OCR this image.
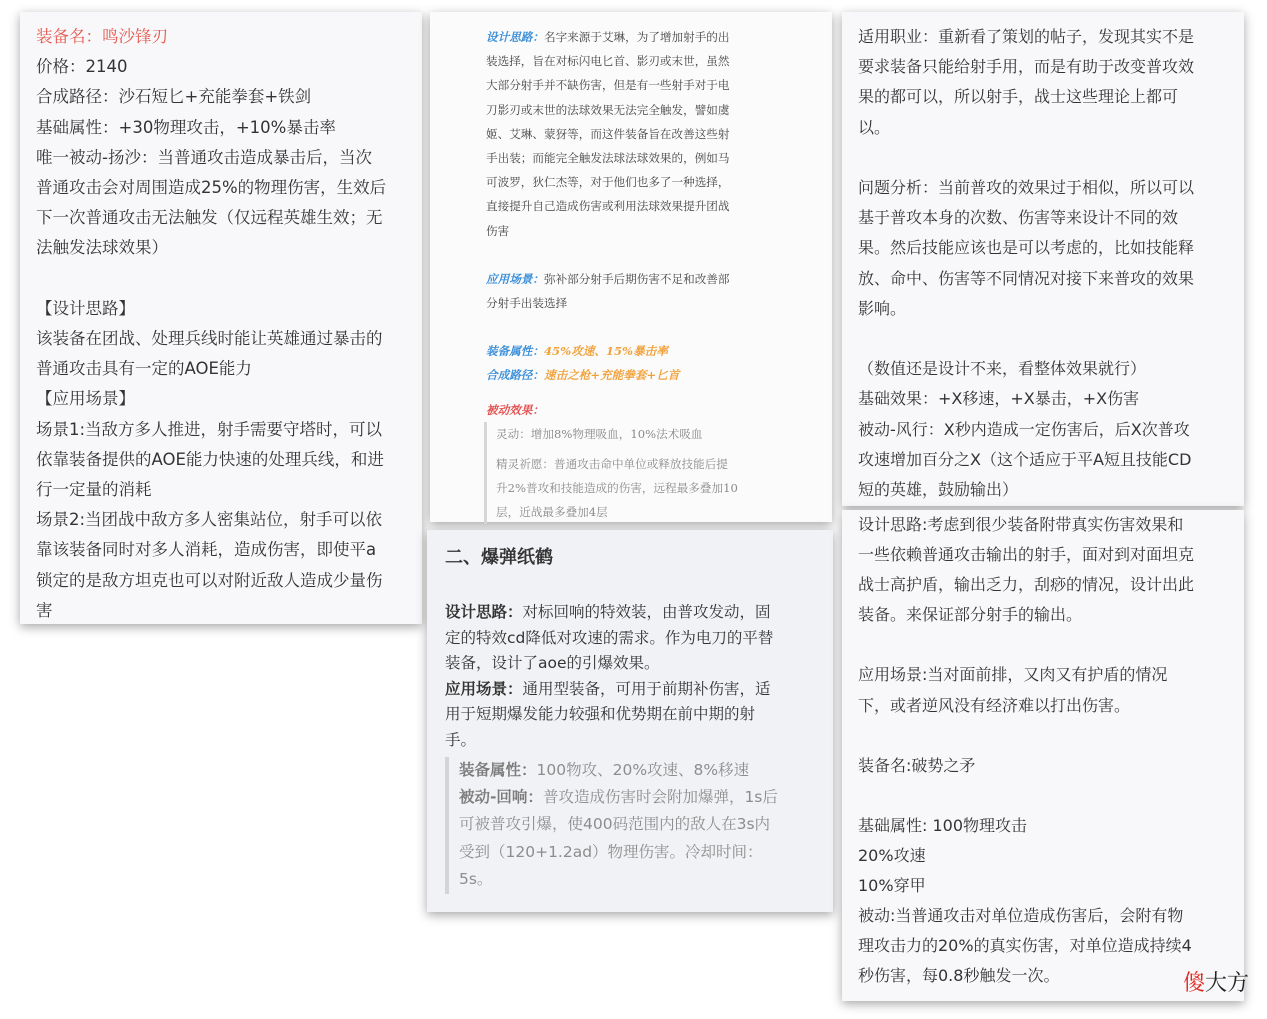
装备名：鸣沙锋刃
价格：2140
合成路径：沙石短匕+充能拳套+铁剑
基础属性：+30物理攻击，+10%暴击率
唯一被动-扬沙：当普通攻击造成暴击后，当次
普通攻击会对周围造成25%的物理伤害，生效后
下一次普通攻击无法触发（仅远程英雄生效；无
法触发法球效果）

【设计思路】
该装备在团战、处理兵线时能让英雄通过暴击的
普通攻击具有一定的AOE能力
【应用场景】
场景1:当敌方多人推进，射手需要守塔时，可以
依靠装备提供的AOE能力快速的处理兵线，和进
行一定量的消耗
场景2:当团战中敌方多人密集站位，射手可以依
靠该装备同时对多人消耗，造成伤害，即使平a
锁定的是敌方坦克也可以对附近敌人造成少量伤
害
设计思路：名字来源于艾琳，为了增加射手的出
装选择，旨在对标闪电匕首、影刃或末世，虽然
大部分射手并不缺伤害，但是有一些射手对于电
刀影刃或末世的法球效果无法完全触发，譬如虞
姬、艾琳、蒙犽等，而这件装备旨在改善这些射
手出装；而能完全触发法球法球效果的，例如马
可波罗，狄仁杰等，对于他们也多了一种选择，
直接提升自己造成伤害或利用法球效果提升团战
伤害
应用场景：弥补部分射手后期伤害不足和改善部
分射手出装选择
装备属性：45%攻速、15%暴击率
合成路径：速击之枪+充能拳套+匕首
被动效果：
灵动：增加8%物理吸血，10%法术吸血
精灵祈愿：普通攻击命中单位或释放技能后提
升2%普攻和技能造成的伤害，远程最多叠加10
层，近战最多叠加4层
二、爆弹纸鹤
设计思路：对标回响的特效装，由普攻发动，固
定的特效cd降低对攻速的需求。作为电刀的平替
装备，设计了aoe的引爆效果。
应用场景：通用型装备，可用于前期补伤害，适
用于短期爆发能力较强和优势期在前中期的射
手。
装备属性：100物攻、20%攻速、8%移速
被动-回响：普攻造成伤害时会附加爆弹，1s后
可被普攻引爆，使400码范围内的敌人在3s内
受到（120+1.2ad）物理伤害。冷却时间：
5s。
适用职业：重新看了策划的帖子，发现其实不是
要求装备只能给射手用，而是有助于改变普攻效
果的都可以，所以射手，战士这些理论上都可
以。

问题分析：当前普攻的效果过于相似，所以可以
基于普攻本身的次数、伤害等来设计不同的效
果。然后技能应该也是可以考虑的，比如技能释
放、命中、伤害等不同情况对接下来普攻的效果
影响。

（数值还是设计不来，看整体效果就行）
基础效果：+X移速，+X暴击，+X伤害
被动-风行：X秒内造成一定伤害后，后X次普攻
攻速增加百分之X（这个适应于平A短且技能CD
短的英雄，鼓励输出）
设计思路:考虑到很少装备附带真实伤害效果和
一些依赖普通攻击输出的射手，面对到对面坦克
战士高护盾，输出乏力，刮痧的情况，设计出此
装备。来保证部分射手的输出。

应用场景:当对面前排，又肉又有护盾的情况
下，或者逆风没有经济难以打出伤害。

装备名:破势之矛

基础属性: 100物理攻击
20%攻速
10%穿甲
被动:当普通攻击对单位造成伤害后，会附有物
理攻击力的20%的真实伤害，对单位造成持续4
秒伤害，每0.8秒触发一次。	傻大方
